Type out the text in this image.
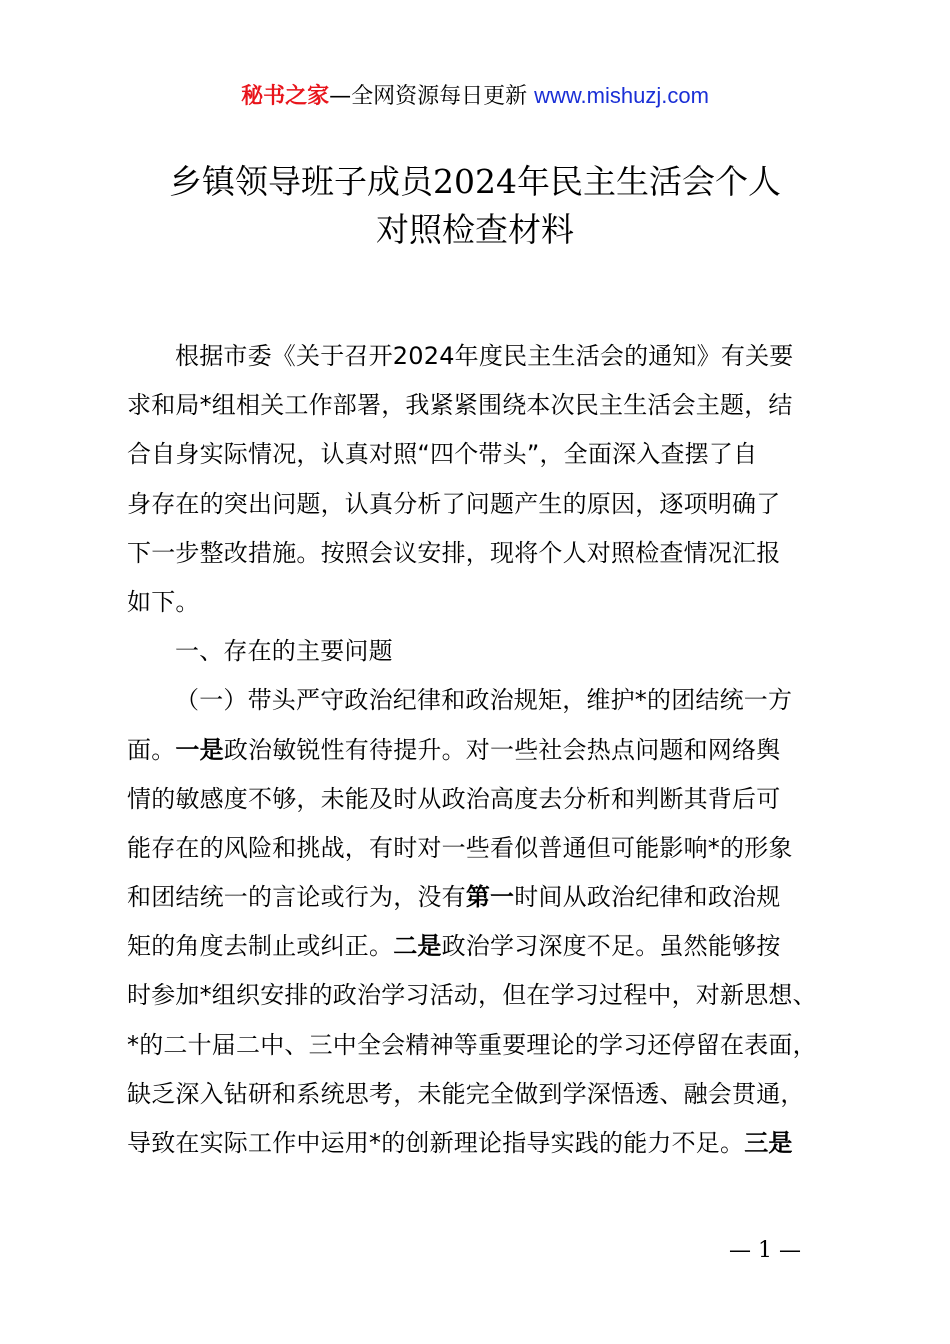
秘书之家—全网资源每日更新 www.mishuzj.com
乡镇领导班子成员2024年民主生活会个人
对照检查材料
根据市委《关于召开2024年度民主生活会的通知》有关要
求和局*组相关工作部署，我紧紧围绕本次民主生活会主题，结
合自身实际情况，认真对照“四个带头”，全面深入查摆了自
身存在的突出问题，认真分析了问题产生的原因，逐项明确了
下一步整改措施。按照会议安排，现将个人对照检查情况汇报
如下。
一、存在的主要问题
（一）带头严守政治纪律和政治规矩，维护*的团结统一方
面。一是政治敏锐性有待提升。对一些社会热点问题和网络舆
情的敏感度不够，未能及时从政治高度去分析和判断其背后可
能存在的风险和挑战，有时对一些看似普通但可能影响*的形象
和团结统一的言论或行为，没有第一时间从政治纪律和政治规
矩的角度去制止或纠正。二是政治学习深度不足。虽然能够按
时参加*组织安排的政治学习活动，但在学习过程中，对新思想、
*的二十届二中、三中全会精神等重要理论的学习还停留在表面，
缺乏深入钻研和系统思考，未能完全做到学深悟透、融会贯通，
导致在实际工作中运用*的创新理论指导实践的能力不足。三是
— 1 —
